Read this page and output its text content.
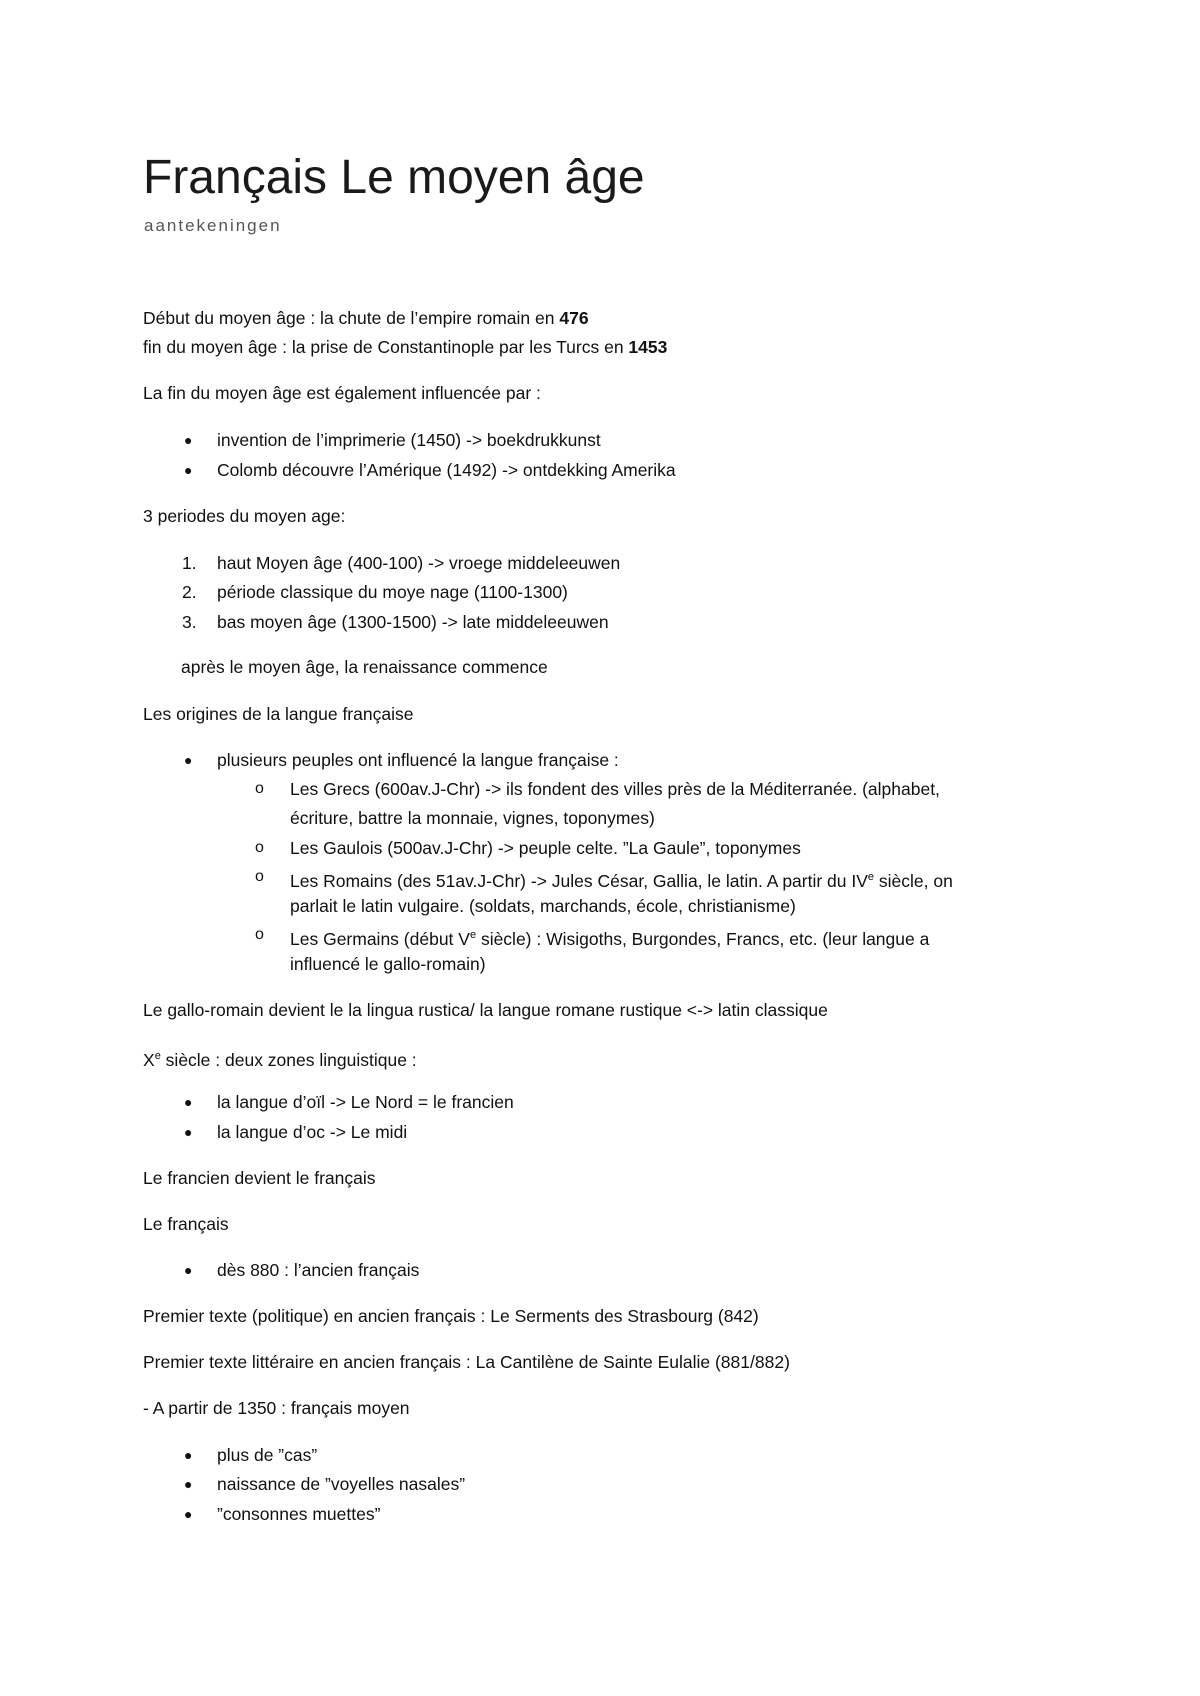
Français Le moyen âge
aantekeningen
Début du moyen âge : la chute de l’empire romain en 476
fin du moyen âge : la prise de Constantinople par les Turcs en 1453
La fin du moyen âge est également influencée par :
● invention de l’imprimerie (1450) -> boekdrukkunst
● Colomb découvre l’Amérique (1492) -> ontdekking Amerika
3 periodes du moyen age:
1. haut Moyen âge (400-100) -> vroege middeleeuwen
2. période classique du moye nage (1100-1300)
3. bas moyen âge (1300-1500) -> late middeleeuwen
après le moyen âge, la renaissance commence
Les origines de la langue française
● plusieurs peuples ont influencé la langue française :
o Les Grecs (600av.J-Chr) -> ils fondent des villes près de la Méditerranée. (alphabet,
écriture, battre la monnaie, vignes, toponymes)
o Les Gaulois (500av.J-Chr) -> peuple celte. ”La Gaule”, toponymes
o Les Romains (des 51av.J-Chr) -> Jules César, Gallia, le latin. A partir du IVe siècle, on
parlait le latin vulgaire. (soldats, marchands, école, christianisme)
o Les Germains (début Ve siècle) : Wisigoths, Burgondes, Francs, etc. (leur langue a
influencé le gallo-romain)
Le gallo-romain devient le la lingua rustica/ la langue romane rustique <-> latin classique
Xe siècle : deux zones linguistique :
● la langue d’oïl -> Le Nord = le francien
● la langue d’oc -> Le midi
Le francien devient le français
Le français
● dès 880 : l’ancien français
Premier texte (politique) en ancien français : Le Serments des Strasbourg (842)
Premier texte littéraire en ancien français : La Cantilène de Sainte Eulalie (881/882)
- A partir de 1350 : français moyen
● plus de ”cas”
● naissance de ”voyelles nasales”
● ”consonnes muettes”
